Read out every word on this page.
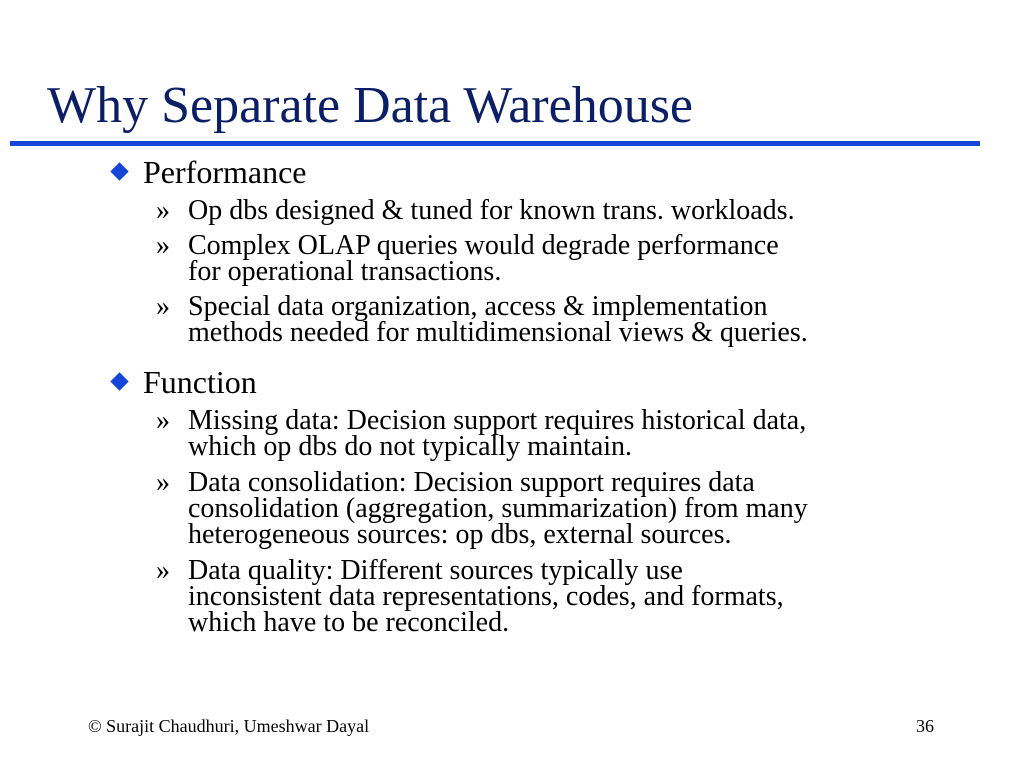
Why Separate Data Warehouse
Performance
» Op dbs designed & tuned for known trans. workloads.
» Complex OLAP queries would degrade performance
for operational transactions.
» Special data organization, access & implementation
methods needed for multidimensional views & queries.
Function
» Missing data: Decision support requires historical data,
which op dbs do not typically maintain.
» Data consolidation: Decision support requires data
consolidation (aggregation, summarization) from many
heterogeneous sources: op dbs, external sources.
» Data quality: Different sources typically use
inconsistent data representations, codes, and formats,
which have to be reconciled.
© Surajit Chaudhuri, Umeshwar Dayal	36
